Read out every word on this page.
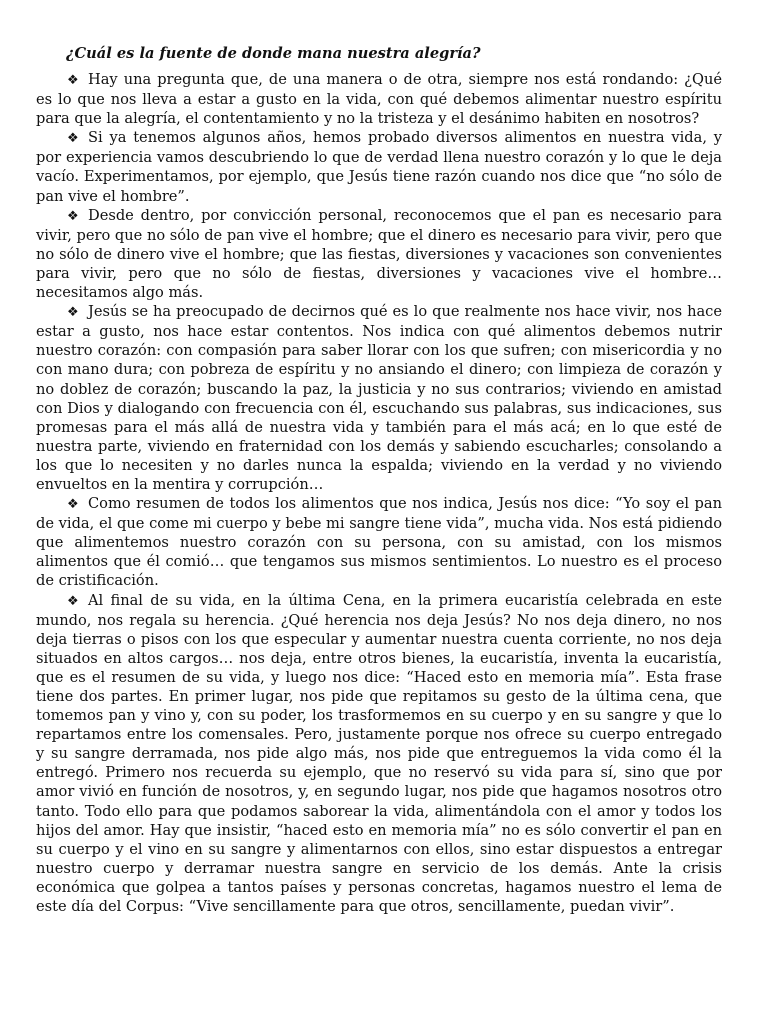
¿Cuál es la fuente de donde mana nuestra alegría?

❖ Hay una pregunta que, de una manera o de otra, siempre nos está rondando: ¿Qué es lo que nos lleva a estar a gusto en la vida, con qué debemos alimentar nuestro espíritu para que la alegría, el contentamiento y no la tristeza y el desánimo habiten en nosotros?

❖ Si ya tenemos algunos años, hemos probado diversos alimentos en nuestra vida, y por experiencia vamos descubriendo lo que de verdad llena nuestro corazón y lo que le deja vacío. Experimentamos, por ejemplo, que Jesús tiene razón cuando nos dice que “no sólo de pan vive el hombre”.

❖ Desde dentro, por convicción personal, reconocemos que el pan es necesario para vivir, pero que no sólo de pan vive el hombre; que el dinero es necesario para vivir, pero que no sólo de dinero vive el hombre; que las fiestas, diversiones y vacaciones son convenientes para vivir, pero que no sólo de fiestas, diversiones y vacaciones vive el hombre… necesitamos algo más.

❖ Jesús se ha preocupado de decirnos qué es lo que realmente nos hace vivir, nos hace estar a gusto, nos hace estar contentos. Nos indica con qué alimentos debemos nutrir nuestro corazón: con compasión para saber llorar con los que sufren; con misericordia y no con mano dura; con pobreza de espíritu y no ansiando el dinero; con limpieza de corazón y no doblez de corazón; buscando la paz, la justicia y no sus contrarios; viviendo en amistad con Dios y dialogando con frecuencia con él, escuchando sus palabras, sus indicaciones, sus promesas para el más allá de nuestra vida y también para el más acá; en lo que esté de nuestra parte, viviendo en fraternidad con los demás y sabiendo escucharles; consolando a los que lo necesiten y no darles nunca la espalda; viviendo en la verdad y no viviendo envueltos en la mentira y corrupción…

❖ Como resumen de todos los alimentos que nos indica, Jesús nos dice: “Yo soy el pan de vida, el que come mi cuerpo y bebe mi sangre tiene vida”, mucha vida. Nos está pidiendo que alimentemos nuestro corazón con su persona, con su amistad, con los mismos alimentos que él comió… que tengamos sus mismos sentimientos. Lo nuestro es el proceso de cristificación.

❖ Al final de su vida, en la última Cena, en la primera eucaristía celebrada en este mundo, nos regala su herencia. ¿Qué herencia nos deja Jesús? No nos deja dinero, no nos deja tierras o pisos con los que especular y aumentar nuestra cuenta corriente, no nos deja situados en altos cargos… nos deja, entre otros bienes, la eucaristía, inventa la eucaristía, que es el resumen de su vida, y luego nos dice: “Haced esto en memoria mía”. Esta frase tiene dos partes. En primer lugar, nos pide que repitamos su gesto de la última cena, que tomemos pan y vino y, con su poder, los trasformemos en su cuerpo y en su sangre y que lo repartamos entre los comensales. Pero, justamente porque nos ofrece su cuerpo entregado y su sangre derramada, nos pide algo más, nos pide que entreguemos la vida como él la entregó. Primero nos recuerda su ejemplo, que no reservó su vida para sí, sino que por amor vivió en función de nosotros, y, en segundo lugar, nos pide que hagamos nosotros otro tanto. Todo ello para que podamos saborear la vida, alimentándola con el amor y todos los hijos del amor. Hay que insistir, “haced esto en memoria mía” no es sólo convertir el pan en su cuerpo y el vino en su sangre y alimentarnos con ellos, sino estar dispuestos a entregar nuestro cuerpo y derramar nuestra sangre en servicio de los demás. Ante la crisis económica que golpea a tantos países y personas concretas, hagamos nuestro el lema de este día del Corpus: “Vive sencillamente para que otros, sencillamente, puedan vivir”.
